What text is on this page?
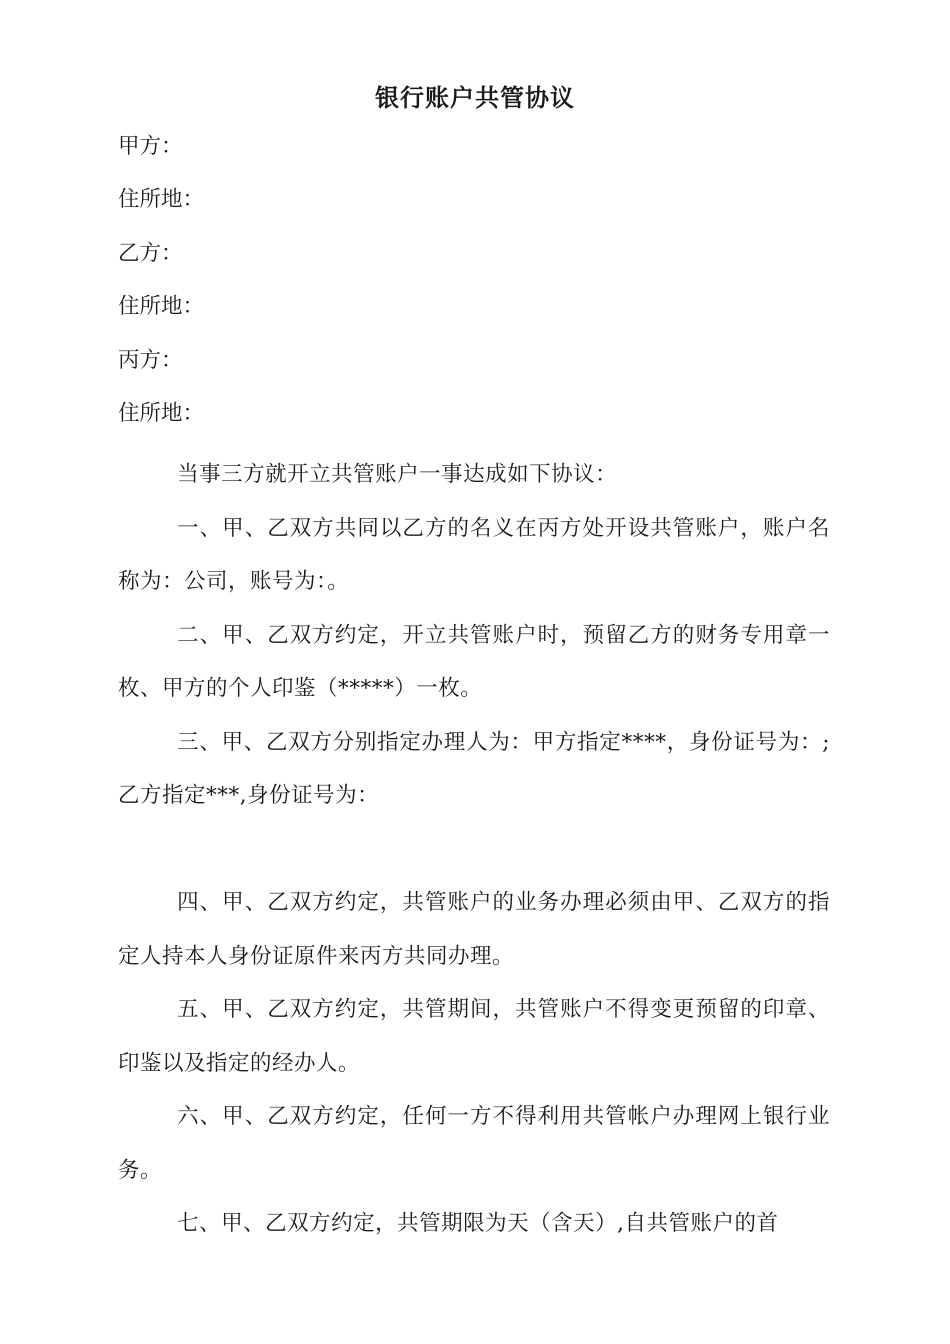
银行账户共管协议
甲方：
住所地：
乙方：
住所地：
丙方：
住所地：

当事三方就开立共管账户一事达成如下协议：

一、甲、乙双方共同以乙方的名义在丙方处开设共管账户，账户名称为：公司，账号为：。

二、甲、乙双方约定，开立共管账户时，预留乙方的财务专用章一枚、甲方的个人印鉴（*****）一枚。

三、甲、乙双方分别指定办理人为：甲方指定****，身份证号为：;乙方指定***,身份证号为：

四、甲、乙双方约定，共管账户的业务办理必须由甲、乙双方的指定人持本人身份证原件来丙方共同办理。

五、甲、乙双方约定，共管期间，共管账户不得变更预留的印章、印鉴以及指定的经办人。

六、甲、乙双方约定，任何一方不得利用共管帐户办理网上银行业务。

七、甲、乙双方约定，共管期限为天（含天）,自共管账户的首
